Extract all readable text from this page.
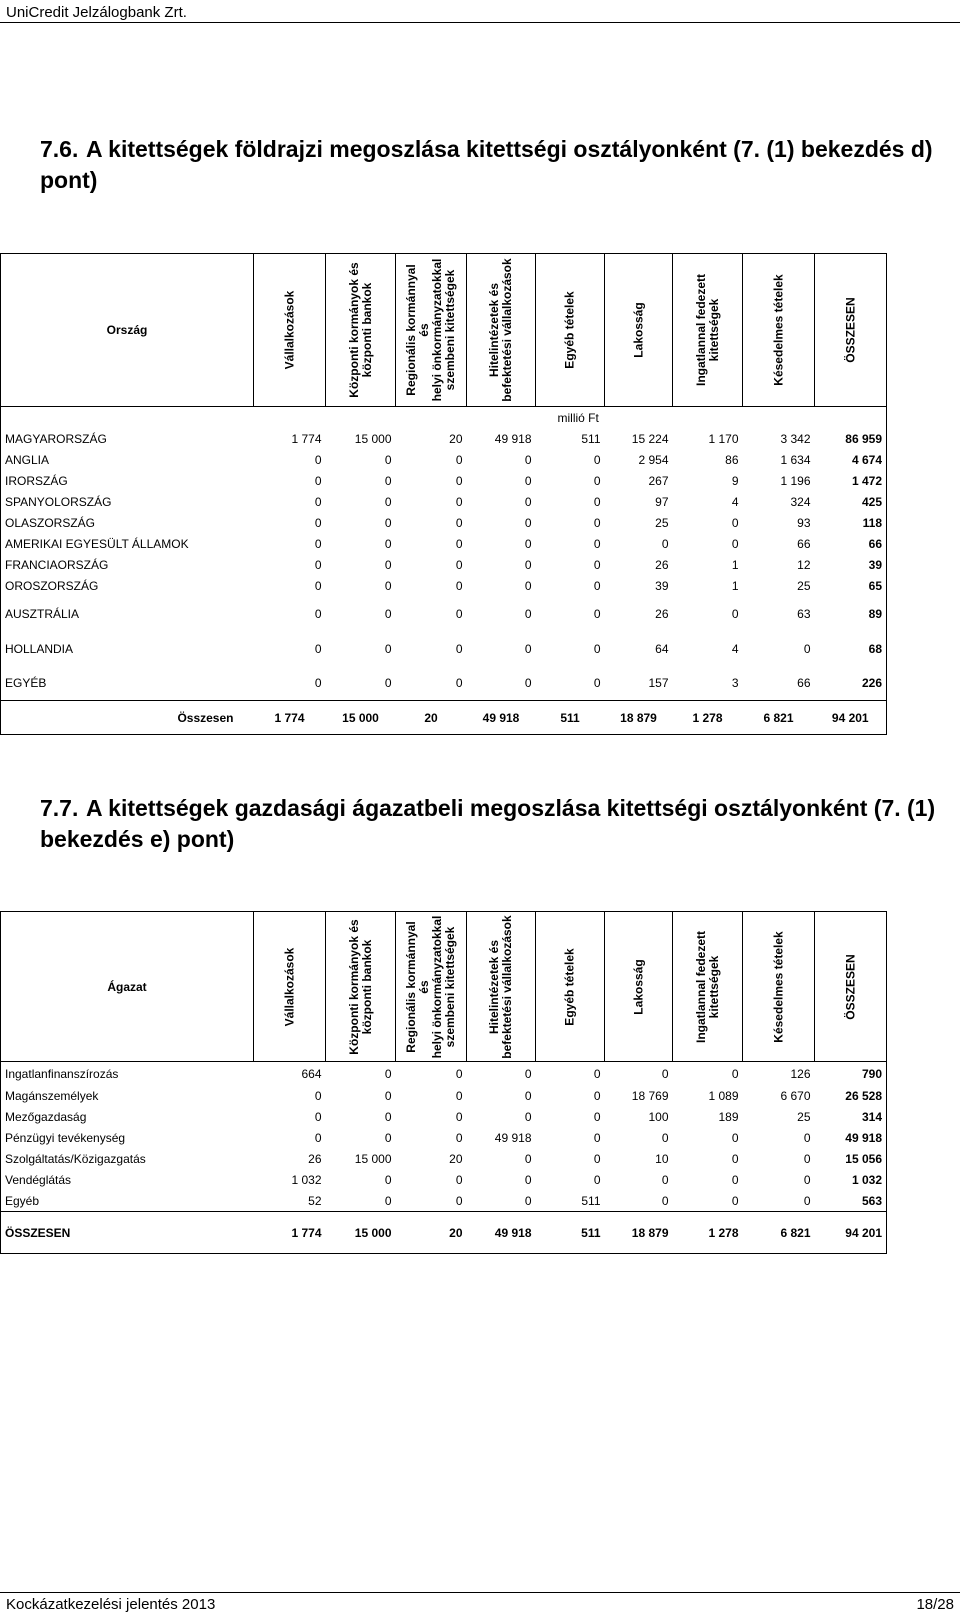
UniCredit Jelzálogbank Zrt.
7.6. A kitettségek földrajzi megoszlása kitettségi osztályonként (7. (1) bekezdés d) pont)
Ország	Vállalkozások	Központi kormányok és
központi bankok	Regionális kormánnyal és
helyi önkormányzatokkal
szembeni kitettségek	Hitelintézetek és
befektetési vállalkozások	Egyéb tételek	Lakosság	Ingatlannal fedezett
kitettségek	Késedelmes tételek	ÖSSZESEN

					millió Ft				
MAGYARORSZÁG	1 774	15 000	20	49 918	511	15 224	1 170	3 342	86 959
ANGLIA	0	0	0	0	0	2 954	86	1 634	4 674
IRORSZÁG	0	0	0	0	0	267	9	1 196	1 472
SPANYOLORSZÁG	0	0	0	0	0	97	4	324	425
OLASZORSZÁG	0	0	0	0	0	25	0	93	118
AMERIKAI EGYESÜLT ÁLLAMOK	0	0	0	0	0	0	0	66	66
FRANCIAORSZÁG	0	0	0	0	0	26	1	12	39
OROSZORSZÁG	0	0	0	0	0	39	1	25	65
AUSZTRÁLIA	0	0	0	0	0	26	0	63	89
HOLLANDIA	0	0	0	0	0	64	4	0	68
EGYÉB	0	0	0	0	0	157	3	66	226
Összesen	1 774	15 000	20	49 918	511	18 879	1 278	6 821	94 201
7.7. A kitettségek gazdasági ágazatbeli megoszlása kitettségi osztályonként (7. (1) bekezdés e) pont)
Ágazat	Vállalkozások	Központi kormányok és
központi bankok	Regionális kormánnyal és
helyi önkormányzatokkal
szembeni kitettségek	Hitelintézetek és
befektetési vállalkozások	Egyéb tételek	Lakosság	Ingatlannal fedezett
kitettségek	Késedelmes tételek	ÖSSZESEN

Ingatlanfinanszírozás	664	0	0	0	0	0	0	126	790
Magánszemélyek	0	0	0	0	0	18 769	1 089	6 670	26 528
Mezőgazdaság	0	0	0	0	0	100	189	25	314
Pénzügyi tevékenység	0	0	0	49 918	0	0	0	0	49 918
Szolgáltatás/Közigazgatás	26	15 000	20	0	0	10	0	0	15 056
Vendéglátás	1 032	0	0	0	0	0	0	0	1 032
Egyéb	52	0	0	0	511	0	0	0	563
ÖSSZESEN	1 774	15 000	20	49 918	511	18 879	1 278	6 821	94 201
Kockázatkezelési jelentés 2013	18/28
